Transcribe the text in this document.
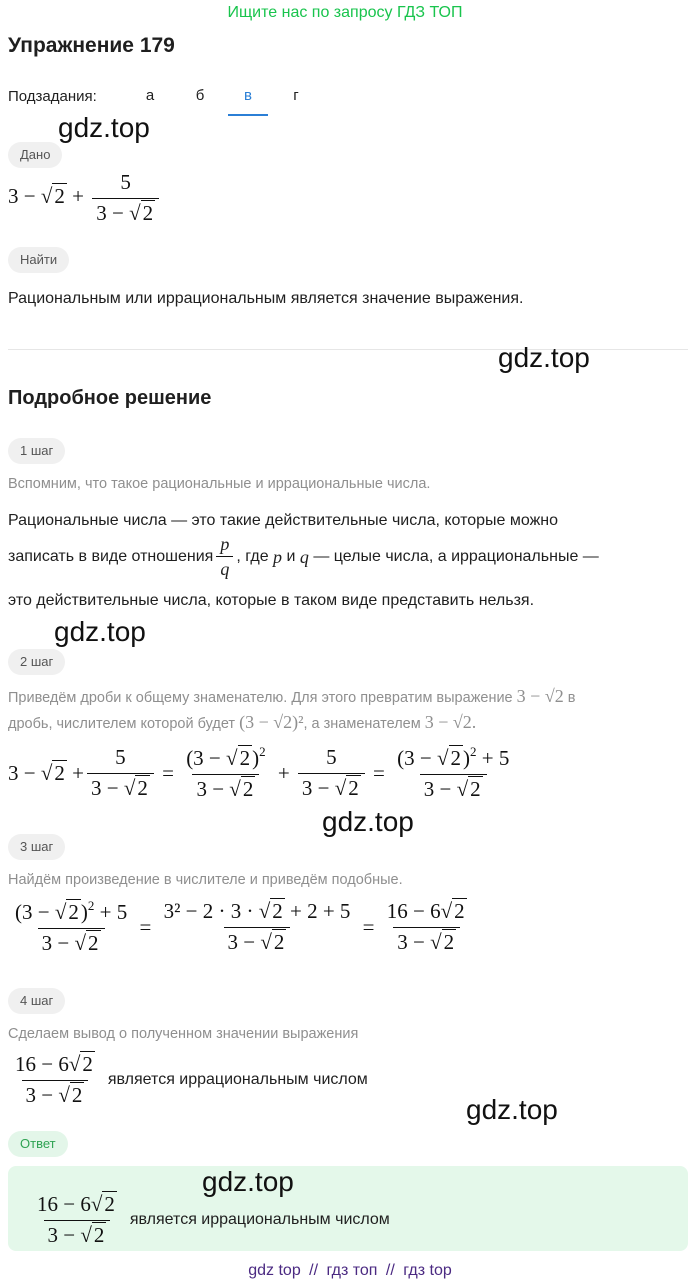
Ищите нас по запросу ГДЗ ТОП
Упражнение 179
Подзадания:	а	б	в	г
gdz.top
Дано
$3 - √2 + \frac{5}{3 - √2}$
Найти
Рациональным или иррациональным является значение выражения.
gdz.top
Подробное решение
1 шаг
Вспомним, что такое рациональные и иррациональные числа.
Рациональные числа — это такие действительные числа, которые можно
записать в виде отношения $\frac{p}{q}$ , где
p
и
q
— целые числа, а иррациональные —
это действительные числа, которые в таком виде представить нельзя.
gdz.top
2 шаг
Приведём дроби к общему знаменателю. Для этого превратим выражение 3 − √2 в
дробь, числителем которой будет (3 − √2)², а знаменателем 3 − √2.
$3 - √2 + \frac{5}{3 - √2} = \frac{(3 - √2)^2}{3 - √2} + \frac{5}{3 - √2} = \frac{(3 - √2)^2 + 5}{3 - √2}$
gdz.top
3 шаг
Найдём произведение в числителе и приведём подобные.
$\frac{(3 - √2)^2 + 5}{3 - √2} = \frac{\text{3² − 2 · 3 · √2 + 2 + 5}}{3 - √2} = \frac{16 - 6√2}{3 - √2}$
4 шаг
Сделаем вывод о полученном значении выражения
$\frac{16 - 6√2}{3 - √2}$ является иррациональным числом
gdz.top
Ответ
gdz.top
$\frac{16 - 6√2}{3 - √2}$ является иррациональным числом
gdz top // гдз топ // гдз top
